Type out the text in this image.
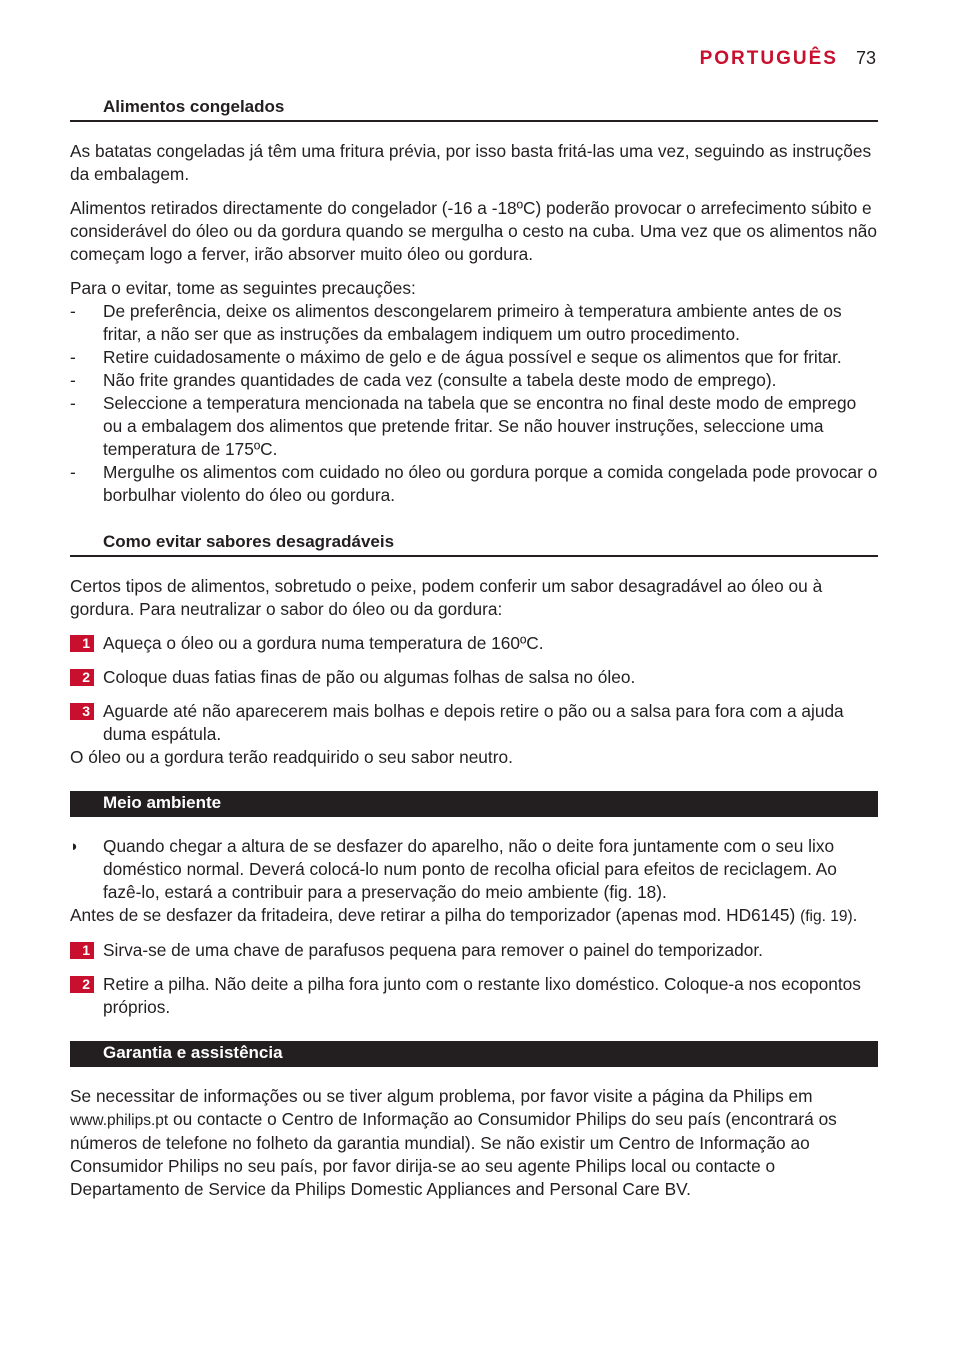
PORTUGUÊS 73
Alimentos congelados

As batatas congeladas já têm uma fritura prévia, por isso basta fritá-las uma vez, seguindo as instruções da embalagem.

Alimentos retirados directamente do congelador (-16 a -18ºC) poderão provocar o arrefecimento súbito e considerável do óleo ou da gordura quando se mergulha o cesto na cuba. Uma vez que os alimentos não começam logo a ferver, irão absorver muito óleo ou gordura.

Para o evitar, tome as seguintes precauções:

- De preferência, deixe os alimentos descongelarem primeiro à temperatura ambiente antes de os fritar, a não ser que as instruções da embalagem indiquem um outro procedimento.
- Retire cuidadosamente o máximo de gelo e de água possível e seque os alimentos que for fritar.
- Não frite grandes quantidades de cada vez (consulte a tabela deste modo de emprego).
- Seleccione a temperatura mencionada na tabela que se encontra no final deste modo de emprego ou a embalagem dos alimentos que pretende fritar. Se não houver instruções, seleccione uma temperatura de 175ºC.
- Mergulhe os alimentos com cuidado no óleo ou gordura porque a comida congelada pode provocar o borbulhar violento do óleo ou gordura.
Como evitar sabores desagradáveis

Certos tipos de alimentos, sobretudo o peixe, podem conferir um sabor desagradável ao óleo ou à gordura. Para neutralizar o sabor do óleo ou da gordura:

1 Aqueça o óleo ou a gordura numa temperatura de 160ºC.
2 Coloque duas fatias finas de pão ou algumas folhas de salsa no óleo.
3 Aguarde até não aparecerem mais bolhas e depois retire o pão ou a salsa para fora com a ajuda duma espátula.

O óleo ou a gordura terão readquirido o seu sabor neutro.

Meio ambiente
◗ Quando chegar a altura de se desfazer do aparelho, não o deite fora juntamente com o seu lixo doméstico normal. Deverá colocá-lo num ponto de recolha oficial para efeitos de reciclagem. Ao fazê-lo, estará a contribuir para a preservação do meio ambiente (fig. 18).

Antes de se desfazer da fritadeira, deve retirar a pilha do temporizador (apenas mod. HD6145) (fig. 19).

1 Sirva-se de uma chave de parafusos pequena para remover o painel do temporizador.
2 Retire a pilha. Não deite a pilha fora junto com o restante lixo doméstico. Coloque-a nos ecopontos próprios.
Garantia e assistência

Se necessitar de informações ou se tiver algum problema, por favor visite a página da Philips em www.philips.pt ou contacte o Centro de Informação ao Consumidor Philips do seu país (encontrará os números de telefone no folheto da garantia mundial). Se não existir um Centro de Informação ao Consumidor Philips no seu país, por favor dirija-se ao seu agente Philips local ou contacte o Departamento de Service da Philips Domestic Appliances and Personal Care BV.
